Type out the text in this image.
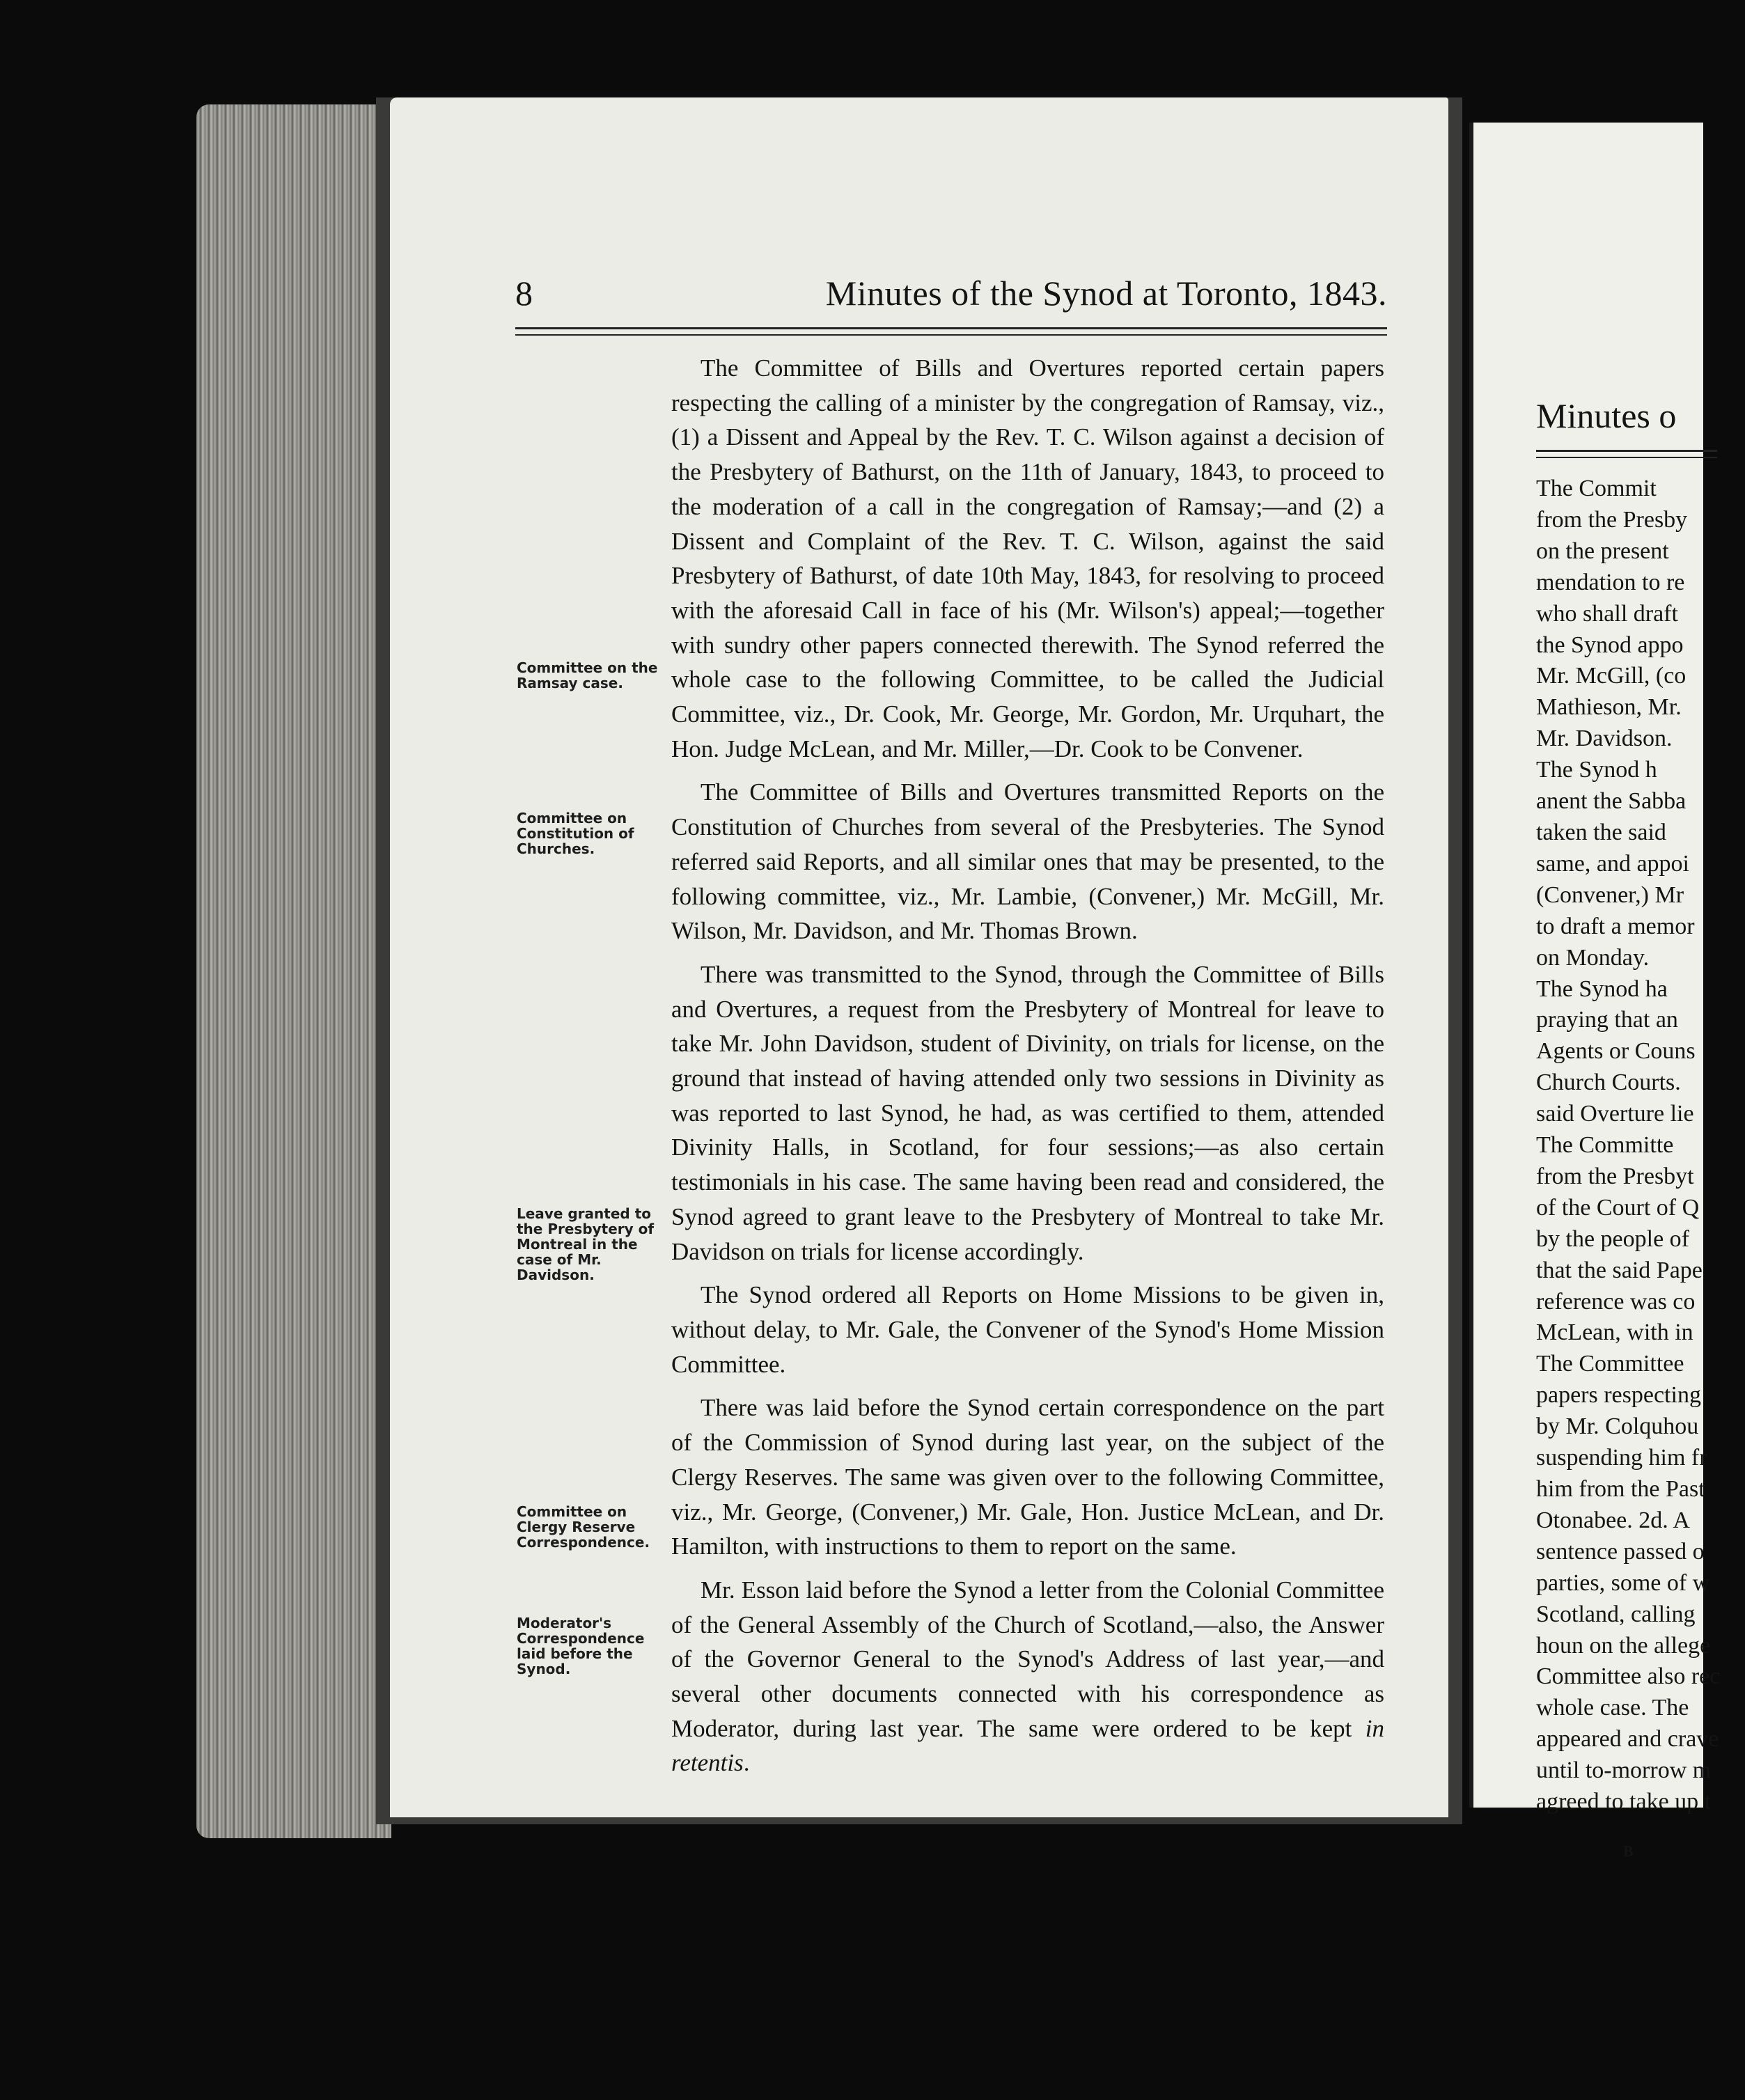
8	Minutes of the Synod at Toronto, 1843.
Committee on the Ramsay case.
Committee on Constitution of Churches.
Leave granted to the Presbytery of Montreal in the case of Mr. Davidson.
Committee on Clergy Reserve Correspondence.
Moderator's Correspondence laid before the Synod.

The Committee of Bills and Overtures reported certain papers respecting the calling of a minister by the congregation of Ramsay, viz., (1) a Dissent and Appeal by the Rev. T. C. Wilson against a decision of the Presbytery of Bathurst, on the 11th of January, 1843, to proceed to the moderation of a call in the congregation of Ramsay;—and (2) a Dissent and Complaint of the Rev. T. C. Wilson, against the said Presbytery of Bathurst, of date 10th May, 1843, for resolving to proceed with the aforesaid Call in face of his (Mr. Wilson's) appeal;—together with sundry other papers connected therewith. The Synod referred the whole case to the following Committee, to be called the Judicial Committee, viz., Dr. Cook, Mr. George, Mr. Gordon, Mr. Urquhart, the Hon. Judge McLean, and Mr. Miller,—Dr. Cook to be Convener.

The Committee of Bills and Overtures transmitted Reports on the Constitution of Churches from several of the Presbyteries. The Synod referred said Reports, and all similar ones that may be presented, to the following committee, viz., Mr. Lambie, (Convener,) Mr. McGill, Mr. Wilson, Mr. Davidson, and Mr. Thomas Brown.

There was transmitted to the Synod, through the Committee of Bills and Overtures, a request from the Presbytery of Montreal for leave to take Mr. John Davidson, student of Divinity, on trials for license, on the ground that instead of having attended only two sessions in Divinity as was reported to last Synod, he had, as was certified to them, attended Divinity Halls, in Scotland, for four sessions;—as also certain testimonials in his case. The same having been read and considered, the Synod agreed to grant leave to the Presbytery of Montreal to take Mr. Davidson on trials for license accordingly.

The Synod ordered all Reports on Home Missions to be given in, without delay, to Mr. Gale, the Convener of the Synod's Home Mission Committee.

There was laid before the Synod certain correspondence on the part of the Commission of Synod during last year, on the subject of the Clergy Reserves. The same was given over to the following Committee, viz., Mr. George, (Convener,) Mr. Gale, Hon. Justice McLean, and Dr. Hamilton, with instructions to them to report on the same.

Mr. Esson laid before the Synod a letter from the Colonial Committee of the General Assembly of the Church of Scotland,—also, the Answer of the Governor General to the Synod's Address of last year,—and several other documents connected with his correspondence as Moderator, during last year. The same were ordered to be kept in retentis.

Minutes o
The Commit
from the Presby
on the present
mendation to re
who shall draft
the Synod appo
Mr. McGill, (co
Mathieson, Mr.
Mr. Davidson.
The Synod h
anent the Sabba
taken the said
same, and appoi
(Convener,) Mr
to draft a memor
on Monday.
The Synod ha
praying that an
Agents or Couns
Church Courts.
said Overture lie
The Committe
from the Presbyt
of the Court of Q
by the people of
that the said Pape
reference was co
McLean, with in
The Committee
papers respecting
by Mr. Colquhou
suspending him fr
him from the Past
Otonabee. 2d. A
sentence passed o
parties, some of w
Scotland, calling
houn on the allege
Committee also rec
whole case. The
appeared and crave
until to-morrow m
agreed to take up t
B
